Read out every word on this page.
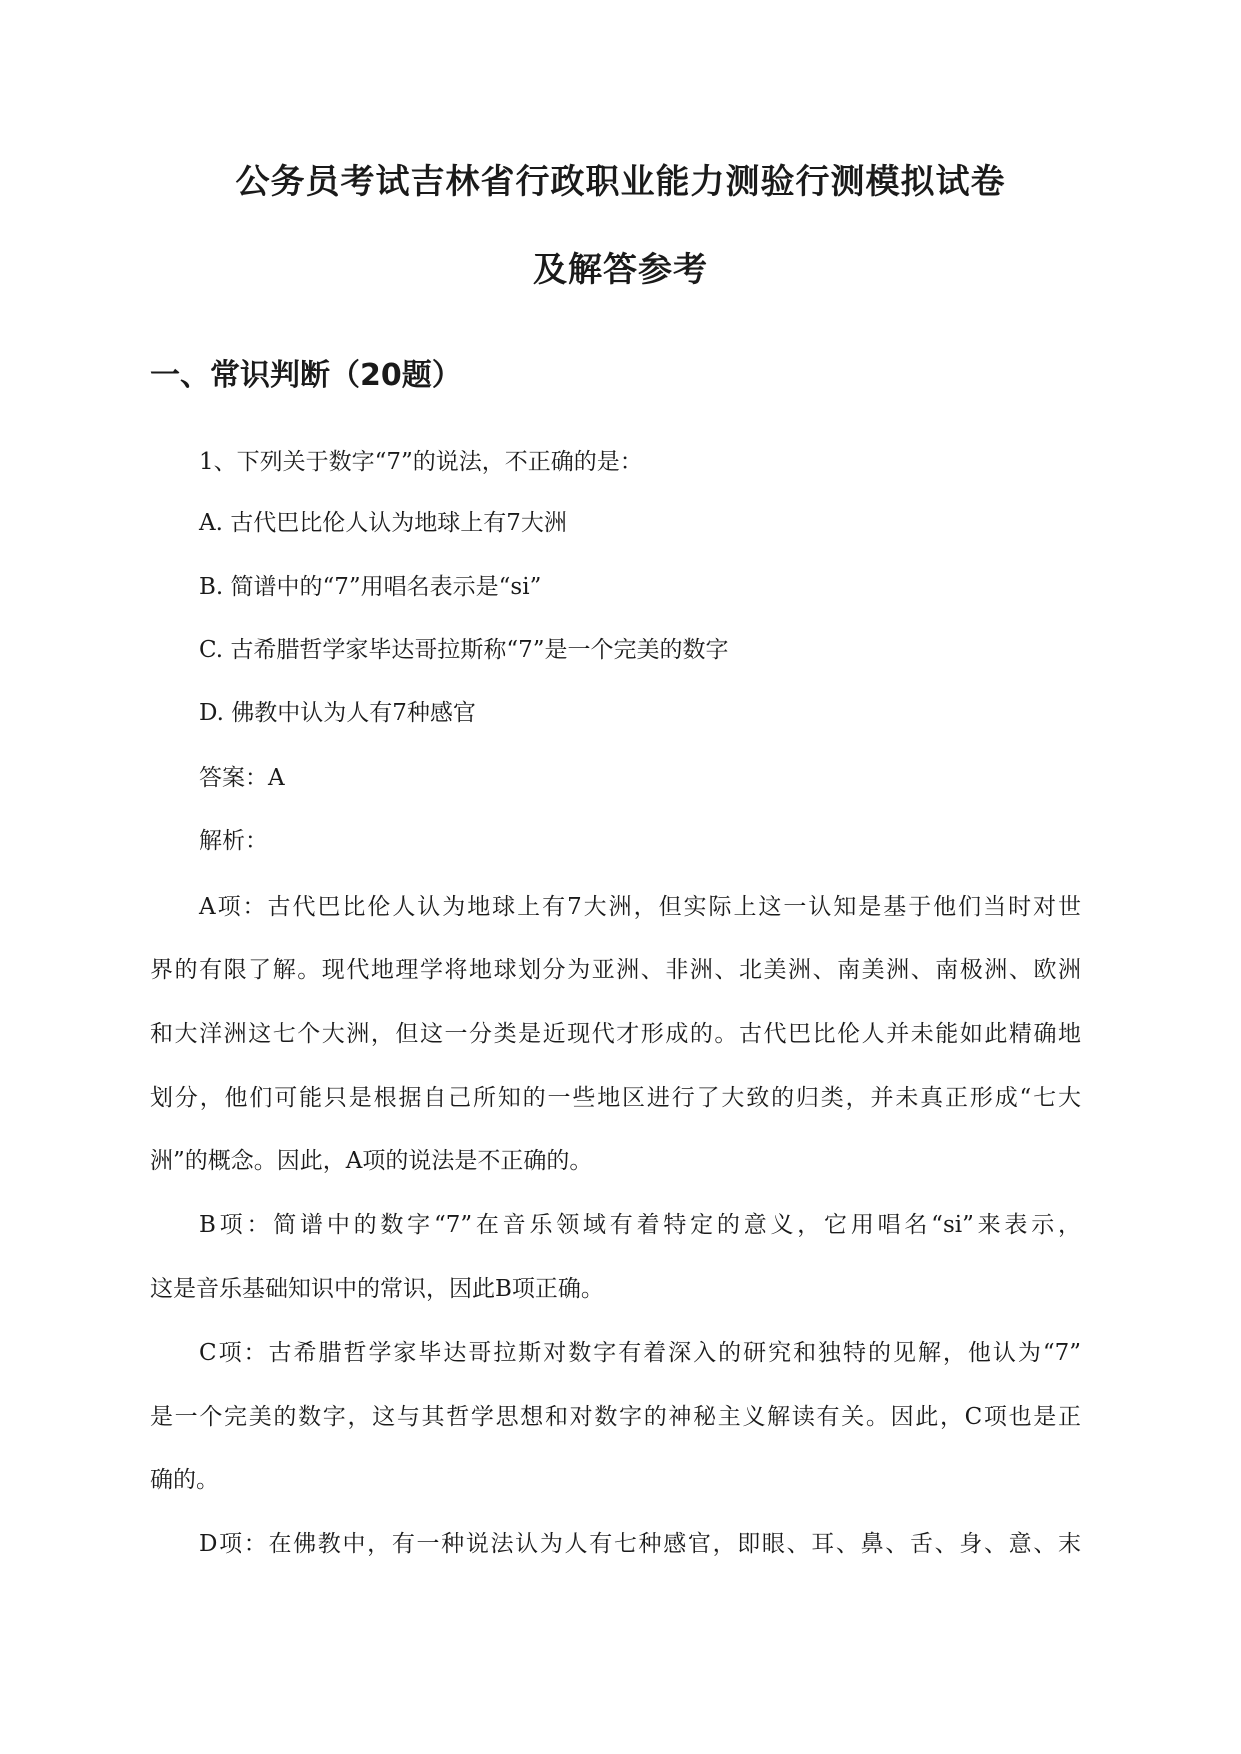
公务员考试吉林省行政职业能力测验行测模拟试卷
及解答参考
一、常识判断（20题）
1、下列关于数字“7”的说法，不正确的是：
A. 古代巴比伦人认为地球上有7大洲
B. 简谱中的“7”用唱名表示是“si”
C. 古希腊哲学家毕达哥拉斯称“7”是一个完美的数字
D. 佛教中认为人有7种感官
答案：A
解析：
A项：古代巴比伦人认为地球上有7大洲，但实际上这一认知是基于他们当时对世
界的有限了解。现代地理学将地球划分为亚洲、非洲、北美洲、南美洲、南极洲、欧洲
和大洋洲这七个大洲，但这一分类是近现代才形成的。古代巴比伦人并未能如此精确地
划分，他们可能只是根据自己所知的一些地区进行了大致的归类，并未真正形成“七大
洲”的概念。因此，A项的说法是不正确的。
B项：简谱中的数字“7”在音乐领域有着特定的意义，它用唱名“si”来表示，
这是音乐基础知识中的常识，因此B项正确。
C项：古希腊哲学家毕达哥拉斯对数字有着深入的研究和独特的见解，他认为“7”
是一个完美的数字，这与其哲学思想和对数字的神秘主义解读有关。因此，C项也是正
确的。
D项：在佛教中，有一种说法认为人有七种感官，即眼、耳、鼻、舌、身、意、末
